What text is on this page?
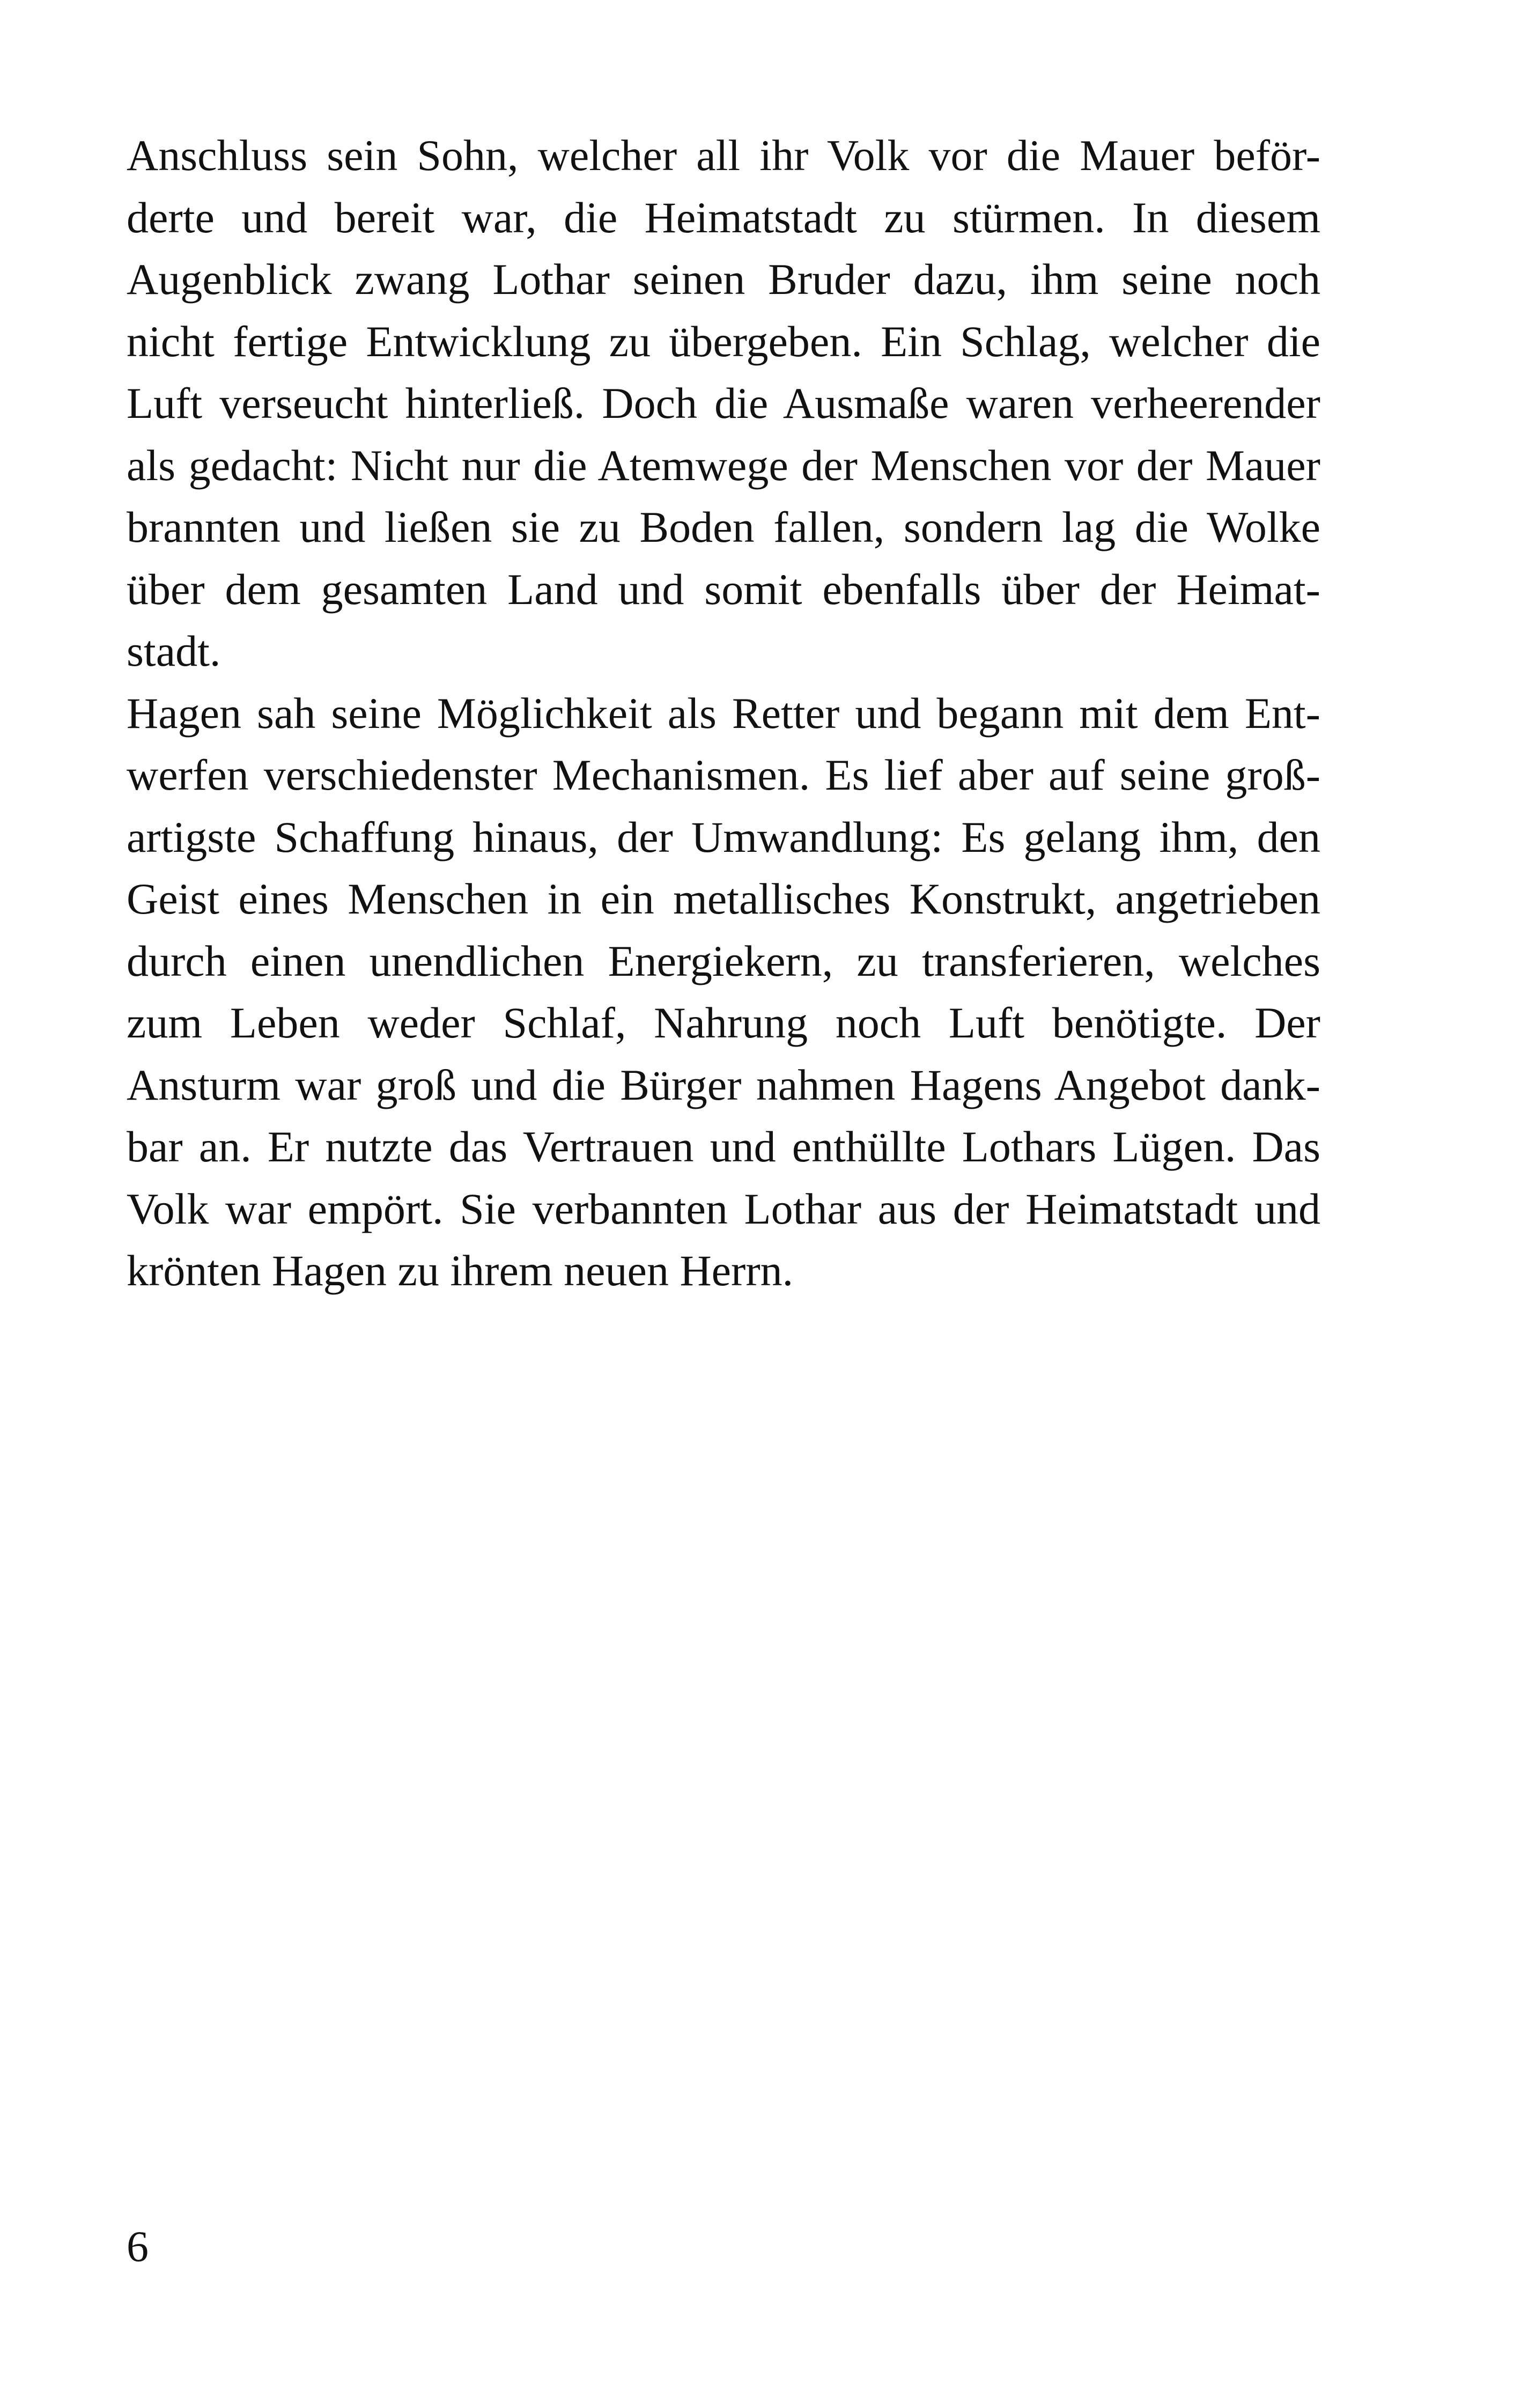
Anschluss sein Sohn, welcher all ihr Volk vor die Mauer beför-
derte und bereit war, die Heimatstadt zu stürmen. In diesem
Augenblick zwang Lothar seinen Bruder dazu, ihm seine noch
nicht fertige Entwicklung zu übergeben. Ein Schlag, welcher die
Luft verseucht hinterließ. Doch die Ausmaße waren verheerender
als gedacht: Nicht nur die Atemwege der Menschen vor der Mauer
brannten und ließen sie zu Boden fallen, sondern lag die Wolke
über dem gesamten Land und somit ebenfalls über der Heimat-
stadt.
Hagen sah seine Möglichkeit als Retter und begann mit dem Ent-
werfen verschiedenster Mechanismen. Es lief aber auf seine groß-
artigste Schaffung hinaus, der Umwandlung: Es gelang ihm, den
Geist eines Menschen in ein metallisches Konstrukt, angetrieben
durch einen unendlichen Energiekern, zu transferieren, welches
zum Leben weder Schlaf, Nahrung noch Luft benötigte. Der
Ansturm war groß und die Bürger nahmen Hagens Angebot dank-
bar an. Er nutzte das Vertrauen und enthüllte Lothars Lügen. Das
Volk war empört. Sie verbannten Lothar aus der Heimatstadt und
krönten Hagen zu ihrem neuen Herrn.
6
